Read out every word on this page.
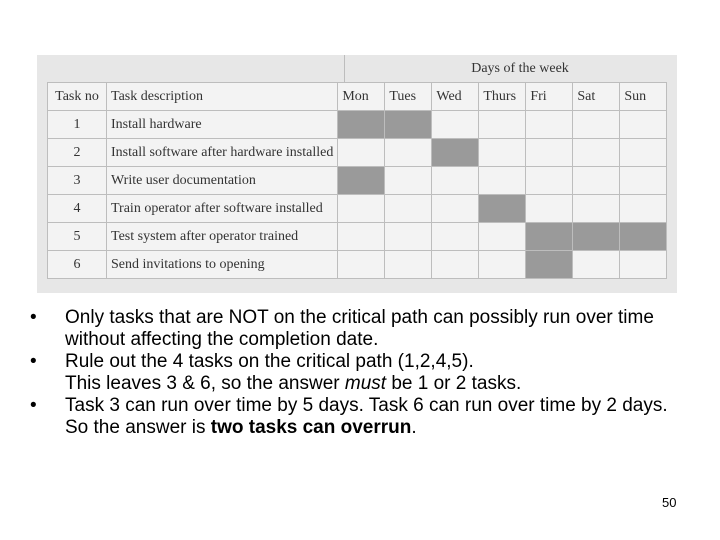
Days of the week
Task no	Task description	Mon	Tues	Wed	Thurs	Fri	Sat	Sun
1	Install hardware							
2	Install software after hardware installed							
3	Write user documentation							
4	Train operator after software installed							
5	Test system after operator trained							
6	Send invitations to opening							
• Only tasks that are NOT on the critical path can possibly run over time without affecting the completion date.
• Rule out the 4 tasks on the critical path (1,2,4,5).
This leaves 3 & 6, so the answer must be 1 or 2 tasks.
• Task 3 can run over time by 5 days. Task 6 can run over time by 2 days. So the answer is two tasks can overrun.
50
